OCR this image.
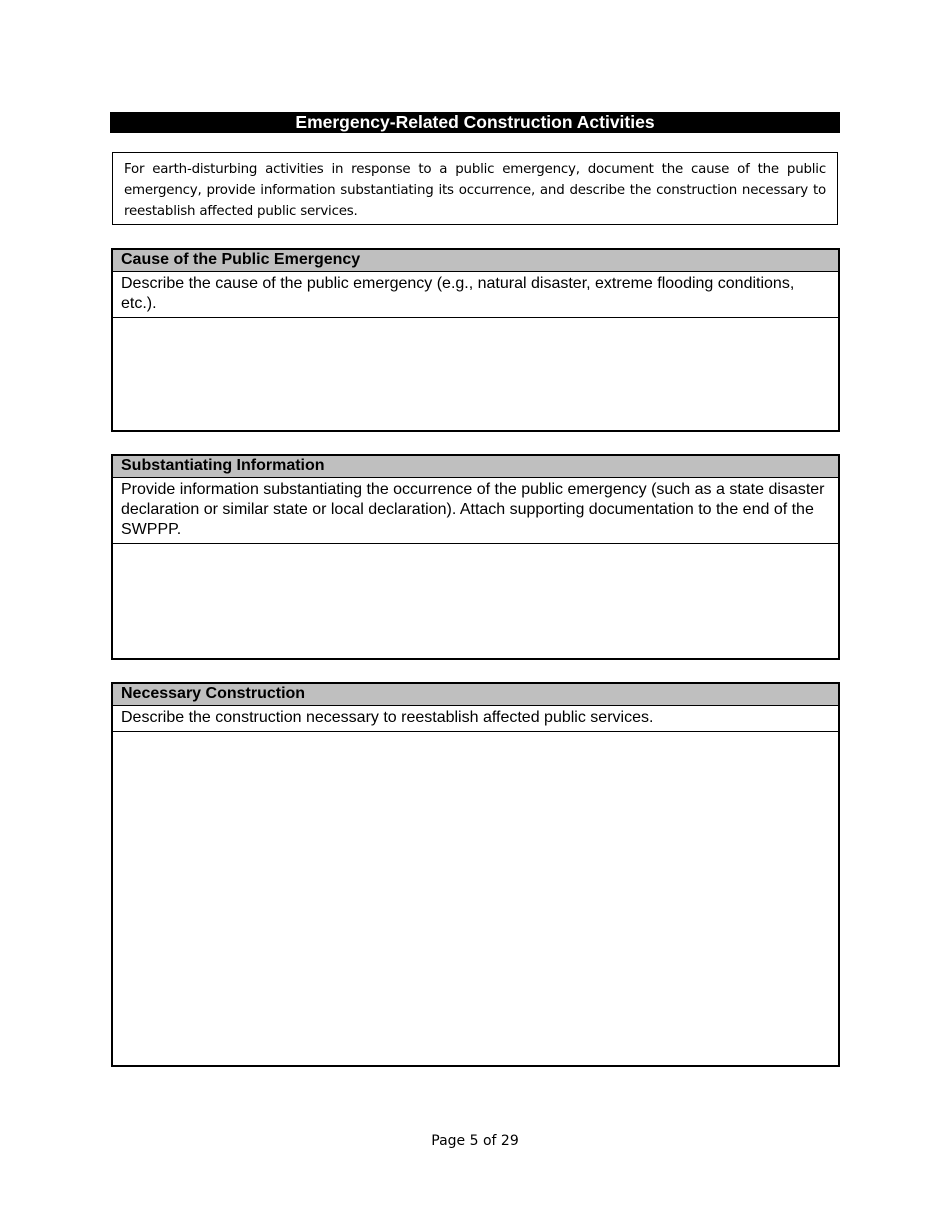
Emergency-Related Construction Activities
For earth-disturbing activities in response to a public emergency, document the cause of the public emergency, provide information substantiating its occurrence, and describe the construction necessary to reestablish affected public services.
Cause of the Public Emergency
Describe the cause of the public emergency (e.g., natural disaster, extreme flooding conditions, etc.).
Substantiating Information
Provide information substantiating the occurrence of the public emergency (such as a state disaster declaration or similar state or local declaration). Attach supporting documentation to the end of the SWPPP.
Necessary Construction
Describe the construction necessary to reestablish affected public services.
Page 5 of 29
